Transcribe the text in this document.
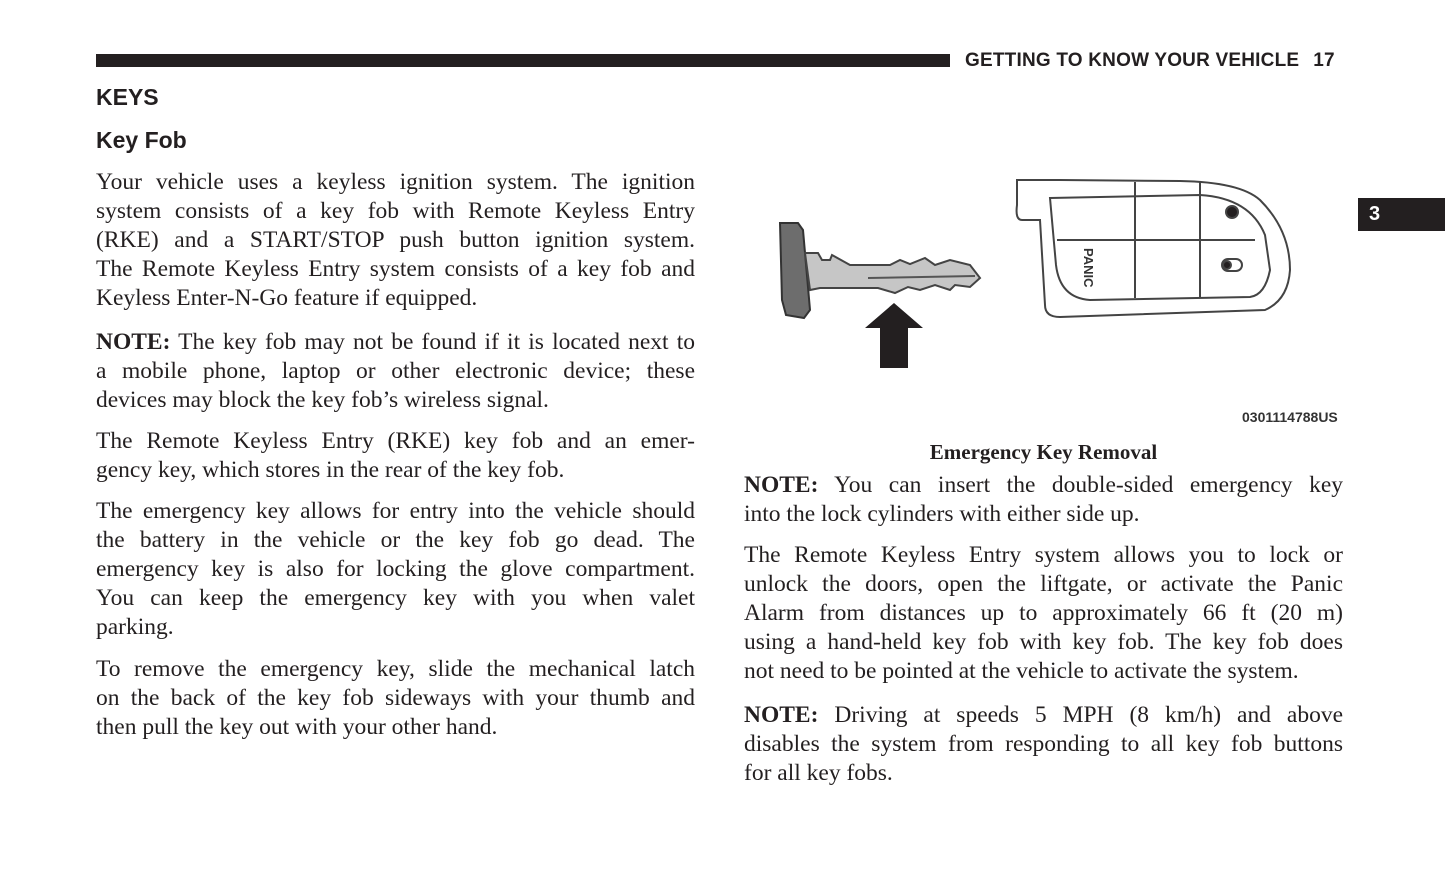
GETTING TO KNOW YOUR VEHICLE 17
3
KEYS
Key Fob
Your vehicle uses a keyless ignition system. The ignition
system consists of a key fob with Remote Keyless Entry
(RKE) and a START/STOP push button ignition system.
The Remote Keyless Entry system consists of a key fob and
Keyless Enter-N-Go feature if equipped.
NOTE: The key fob may not be found if it is located next to
a mobile phone, laptop or other electronic device; these
devices may block the key fob’s wireless signal.
The Remote Keyless Entry (RKE) key fob and an emer-
gency key, which stores in the rear of the key fob.
The emergency key allows for entry into the vehicle should
the battery in the vehicle or the key fob go dead. The
emergency key is also for locking the glove compartment.
You can keep the emergency key with you when valet
parking.
To remove the emergency key, slide the mechanical latch
on the back of the key fob sideways with your thumb and
then pull the key out with your other hand.
NOTE: You can insert the double-sided emergency key
into the lock cylinders with either side up.
The Remote Keyless Entry system allows you to lock or
unlock the doors, open the liftgate, or activate the Panic
Alarm from distances up to approximately 66 ft (20 m)
using a hand-held key fob with key fob. The key fob does
not need to be pointed at the vehicle to activate the system.
NOTE: Driving at speeds 5 MPH (8 km/h) and above
disables the system from responding to all key fob buttons
for all key fobs.
PANIC
0301114788US
Emergency Key Removal
